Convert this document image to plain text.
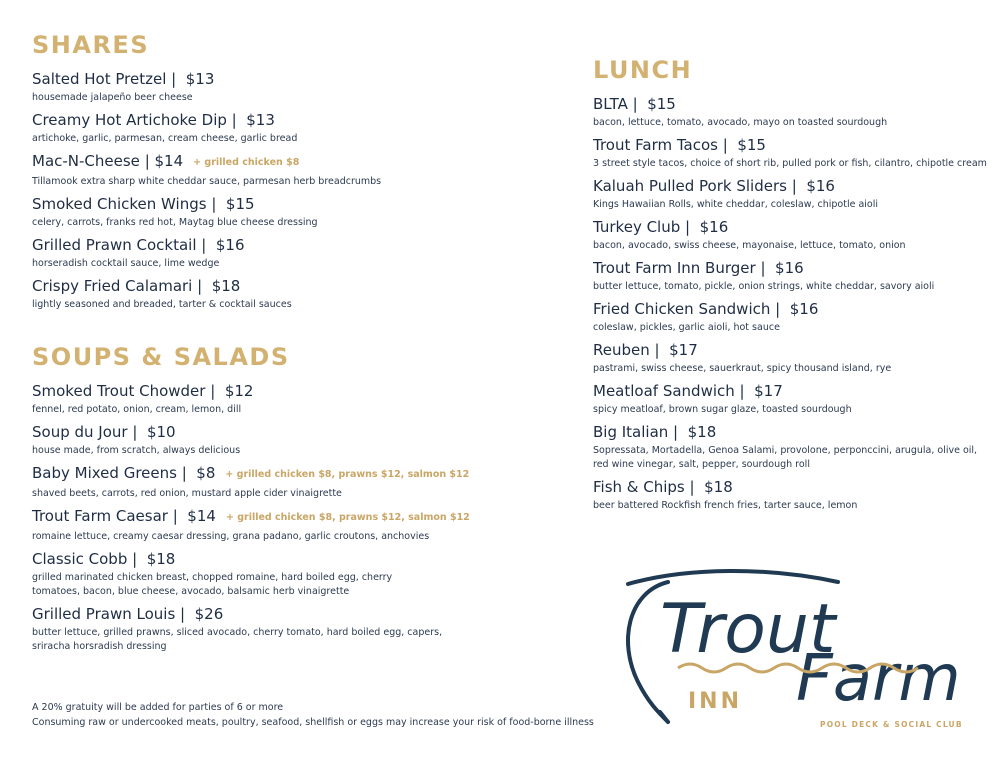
SHARES
Salted Hot Pretzel |  $13
housemade jalapeño beer cheese
Creamy Hot Artichoke Dip |  $13
artichoke, garlic, parmesan, cream cheese, garlic bread
Mac-N-Cheese | $14 + grilled chicken $8
Tillamook extra sharp white cheddar sauce, parmesan herb breadcrumbs
Smoked Chicken Wings |  $15
celery, carrots, franks red hot, Maytag blue cheese dressing
Grilled Prawn Cocktail |  $16
horseradish cocktail sauce, lime wedge
Crispy Fried Calamari |  $18
lightly seasoned and breaded, tarter & cocktail sauces
SOUPS & SALADS
Smoked Trout Chowder |  $12
fennel, red potato, onion, cream, lemon, dill
Soup du Jour |  $10
house made, from scratch, always delicious
Baby Mixed Greens |  $8 + grilled chicken $8, prawns $12, salmon $12
shaved beets, carrots, red onion, mustard apple cider vinaigrette
Trout Farm Caesar |  $14 + grilled chicken $8, prawns $12, salmon $12
romaine lettuce, creamy caesar dressing, grana padano, garlic croutons, anchovies
Classic Cobb |  $18
grilled marinated chicken breast, chopped romaine, hard boiled egg, cherry
tomatoes, bacon, blue cheese, avocado, balsamic herb vinaigrette
Grilled Prawn Louis |  $26
butter lettuce, grilled prawns, sliced avocado, cherry tomato, hard boiled egg, capers,
sriracha horsradish dressing
LUNCH
BLTA |  $15
bacon, lettuce, tomato, avocado, mayo on toasted sourdough
Trout Farm Tacos |  $15
3 street style tacos, choice of short rib, pulled pork or fish, cilantro, chipotle cream
Kaluah Pulled Pork Sliders |  $16
Kings Hawaiian Rolls, white cheddar, coleslaw, chipotle aioli
Turkey Club |  $16
bacon, avocado, swiss cheese, mayonaise, lettuce, tomato, onion
Trout Farm Inn Burger |  $16
butter lettuce, tomato, pickle, onion strings, white cheddar, savory aioli
Fried Chicken Sandwich |  $16
coleslaw, pickles, garlic aioli, hot sauce
Reuben |  $17
pastrami, swiss cheese, sauerkraut, spicy thousand island, rye
Meatloaf Sandwich |  $17
spicy meatloaf, brown sugar glaze, toasted sourdough
Big Italian |  $18
Sopressata, Mortadella, Genoa Salami, provolone, perponccini, arugula, olive oil,
red wine vinegar, salt, pepper, sourdough roll
Fish & Chips |  $18
beer battered Rockfish french fries, tarter sauce, lemon
A 20% gratuity will be added for parties of 6 or more
Consuming raw or undercooked meats, poultry, seafood, shellfish or eggs may increase your risk of food-borne illness
Trout
Farm
INN
POOL DECK & SOCIAL CLUB
